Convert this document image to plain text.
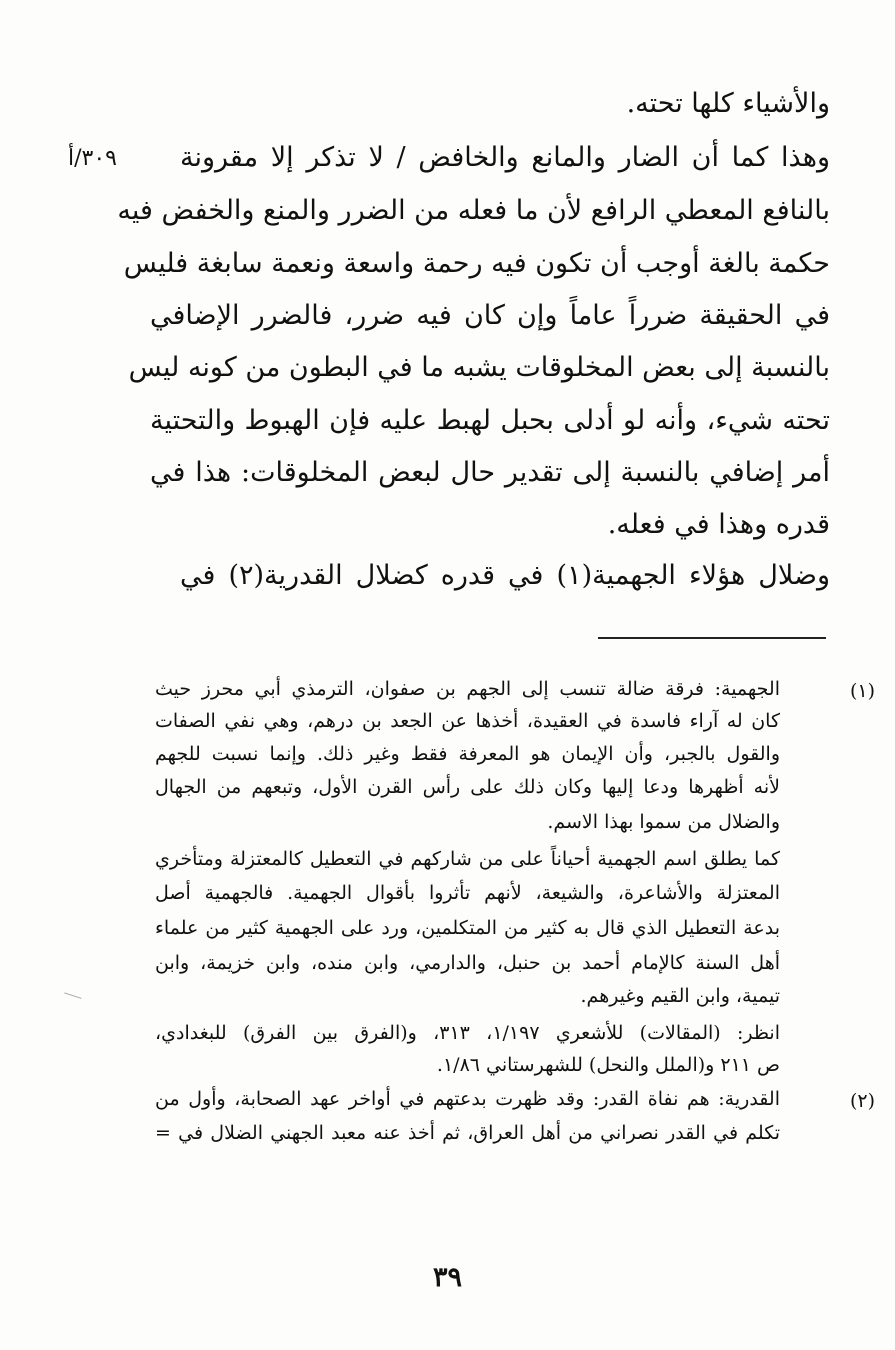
٣٠٩/أ
والأشياء كلها تحته.
وهذا كما أن الضار والمانع والخافض / لا تذكر إلا مقرونة
بالنافع المعطي الرافع لأن ما فعله من الضرر والمنع والخفض فيه
حكمة بالغة أوجب أن تكون فيه رحمة واسعة ونعمة سابغة فليس
في الحقيقة ضرراً عاماً وإن كان فيه ضرر، فالضرر الإضافي
بالنسبة إلى بعض المخلوقات يشبه ما في البطون من كونه ليس
تحته شيء، وأنه لو أدلى بحبل لهبط عليه فإن الهبوط والتحتية
أمر إضافي بالنسبة إلى تقدير حال لبعض المخلوقات: هذا في
قدره وهذا في فعله.
وضلال هؤلاء الجهمية(١) في قدره كضلال القدرية(٢) في
(١)
الجهمية: فرقة ضالة تنسب إلى الجهم بن صفوان، الترمذي أبي محرز حيث
كان له آراء فاسدة في العقيدة، أخذها عن الجعد بن درهم، وهي نفي الصفات
والقول بالجبر، وأن الإيمان هو المعرفة فقط وغير ذلك. وإنما نسبت للجهم
لأنه أظهرها ودعا إليها وكان ذلك على رأس القرن الأول، وتبعهم من الجهال
والضلال من سموا بهذا الاسم.
كما يطلق اسم الجهمية أحياناً على من شاركهم في التعطيل كالمعتزلة ومتأخري
المعتزلة والأشاعرة، والشيعة، لأنهم تأثروا بأقوال الجهمية. فالجهمية أصل
بدعة التعطيل الذي قال به كثير من المتكلمين، ورد على الجهمية كثير من علماء
أهل السنة كالإمام أحمد بن حنبل، والدارمي، وابن منده، وابن خزيمة، وابن
تيمية، وابن القيم وغيرهم.
انظر: (المقالات) للأشعري ١/١٩٧، ٣١٣، و(الفرق بين الفرق) للبغدادي،
ص ٢١١ و(الملل والنحل) للشهرستاني ١/٨٦.
(٢)
القدرية: هم نفاة القدر: وقد ظهرت بدعتهم في أواخر عهد الصحابة، وأول من
تكلم في القدر نصراني من أهل العراق، ثم أخذ عنه معبد الجهني الضلال في =
٣٩
